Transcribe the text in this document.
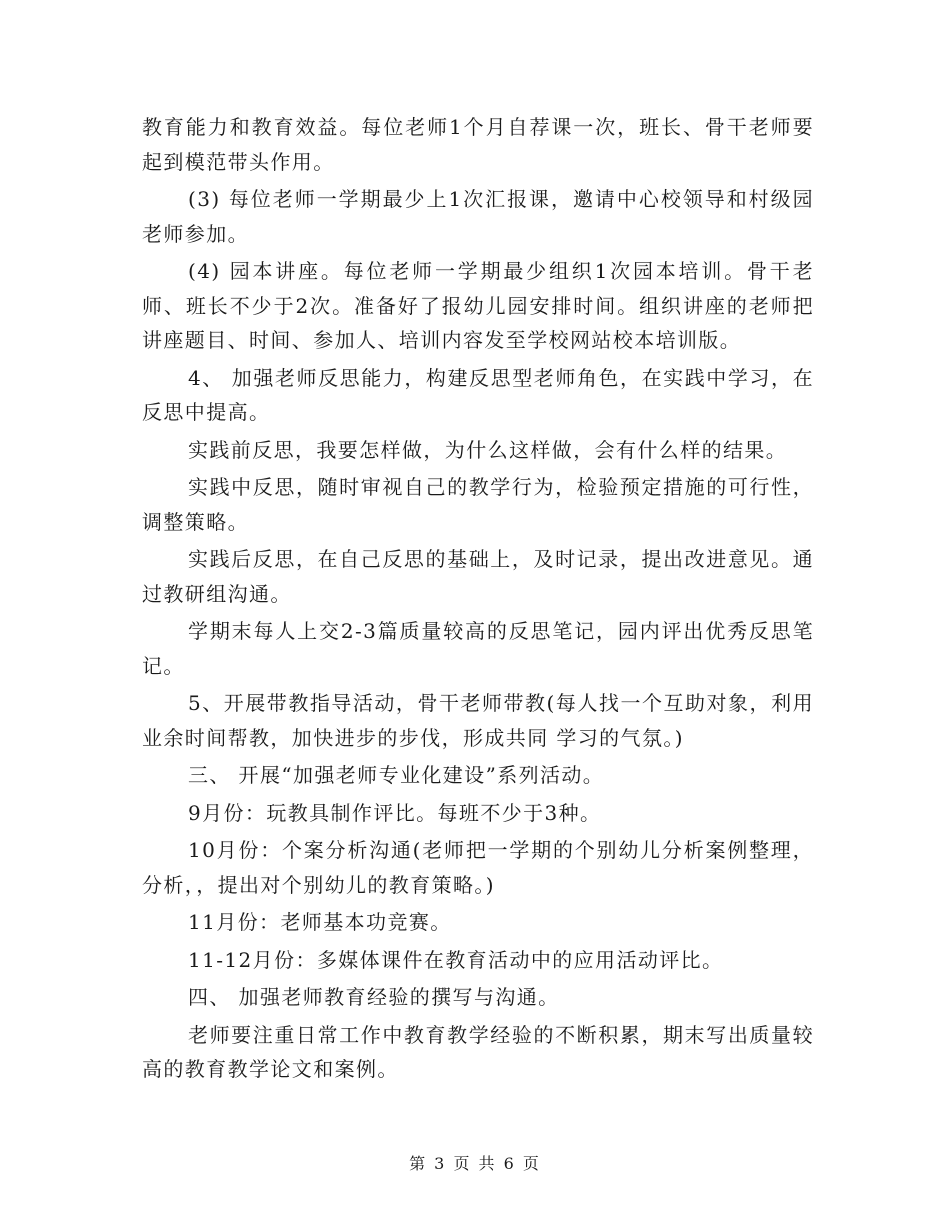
教育能力和教育效益。每位老师1个月自荐课一次，班长、骨干老师要起到模范带头作用。

(3) 每位老师一学期最少上1次汇报课，邀请中心校领导和村级园老师参加。

(4) 园本讲座。每位老师一学期最少组织1次园本培训。骨干老师、班长不少于2次。准备好了报幼儿园安排时间。组织讲座的老师把讲座题目、时间、参加人、培训内容发至学校网站校本培训版。

4、 加强老师反思能力，构建反思型老师角色，在实践中学习，在反思中提高。

实践前反思，我要怎样做，为什么这样做，会有什么样的结果。

实践中反思，随时审视自己的教学行为，检验预定措施的可行性，调整策略。

实践后反思，在自己反思的基础上，及时记录，提出改进意见。通过教研组沟通。

学期末每人上交2-3篇质量较高的反思笔记，园内评出优秀反思笔记。

5、开展带教指导活动，骨干老师带教(每人找一个互助对象，利用业余时间帮教，加快进步的步伐，形成共同 学习的气氛。)

三、 开展“加强老师专业化建设”系列活动。

9月份：玩教具制作评比。每班不少于3种。

10月份：个案分析沟通(老师把一学期的个别幼儿分析案例整理，分析，，提出对个别幼儿的教育策略。)

11月份：老师基本功竞赛。

11-12月份：多媒体课件在教育活动中的应用活动评比。

四、 加强老师教育经验的撰写与沟通。

老师要注重日常工作中教育教学经验的不断积累，期末写出质量较高的教育教学论文和案例。

第 3 页 共 6 页
